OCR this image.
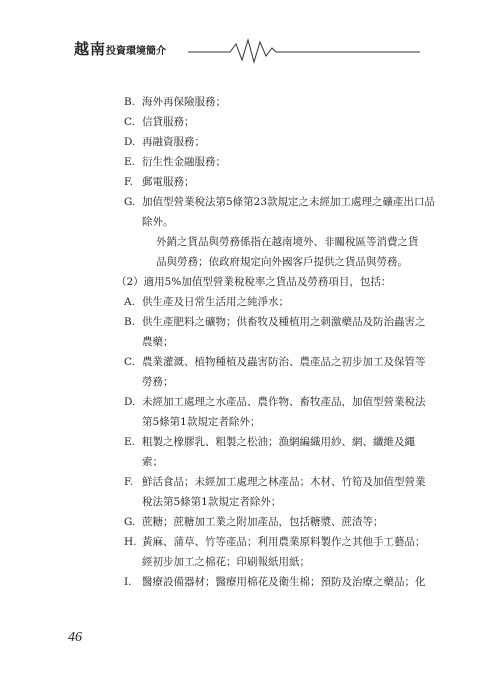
越南投資環境簡介
B. 海外再保險服務；
C. 信貸服務；
D. 再融資服務；
E. 衍生性金融服務；
F. 郵電服務；
G. 加值型營業稅法第5條第23款規定之未經加工處理之礦產出口品
除外。
外銷之貨品與勞務係指在越南境外、非關稅區等消費之貨
品與勞務；依政府規定向外國客戶提供之貨品與勞務。
（2）適用5%加值型營業稅稅率之貨品及勞務項目，包括：
A. 供生產及日常生活用之純淨水；
B. 供生產肥料之礦物；供畜牧及種植用之刺激藥品及防治蟲害之
農藥；
C. 農業灌溉、植物種植及蟲害防治、農產品之初步加工及保管等
勞務；
D. 未經加工處理之水產品、農作物、畜牧產品，加值型營業稅法
第5條第1款規定者除外；
E. 粗製之橡膠乳、粗製之松油；漁網編織用紗、網、纖維及繩
索；
F. 鮮活食品；未經加工處理之林產品；木材、竹筍及加值型營業
稅法第5條第1款規定者除外；
G. 蔗糖；蔗糖加工業之附加產品，包括糖漿、蔗渣等；
H. 黃麻、蒲草、竹等產品；利用農業原料製作之其他手工藝品；
經初步加工之棉花；印刷報紙用紙；
I. 醫療設備器材；醫療用棉花及衛生棉；預防及治療之藥品；化
46
